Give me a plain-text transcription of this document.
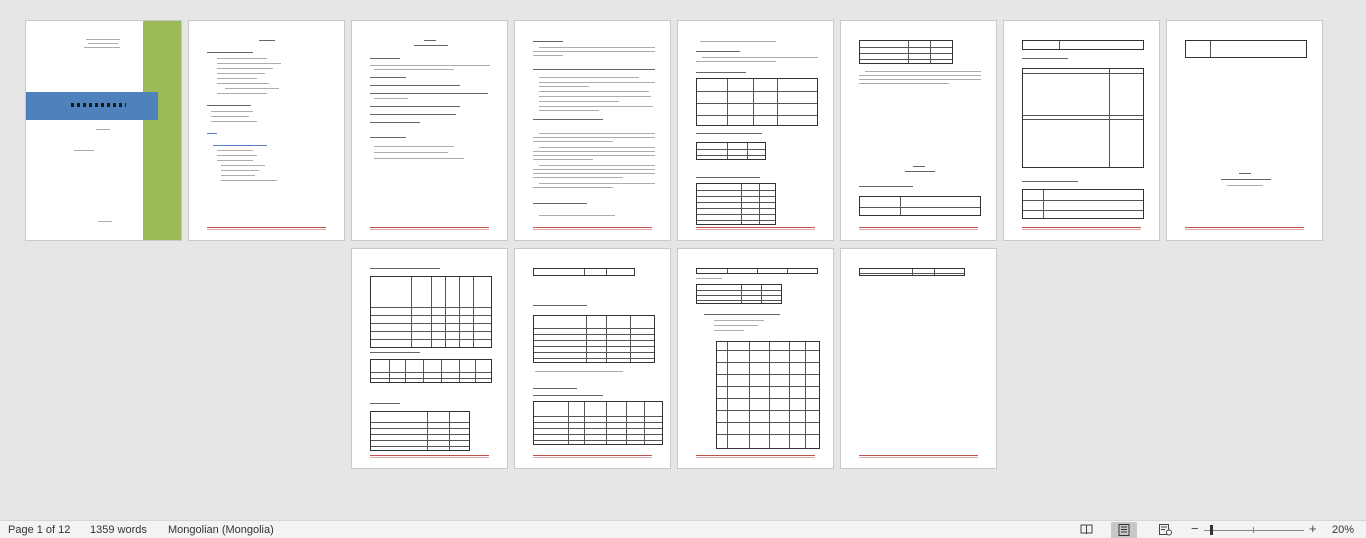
Page 1 of 12 1359 words Mongolian (Mongolia)	−	+ 20%
